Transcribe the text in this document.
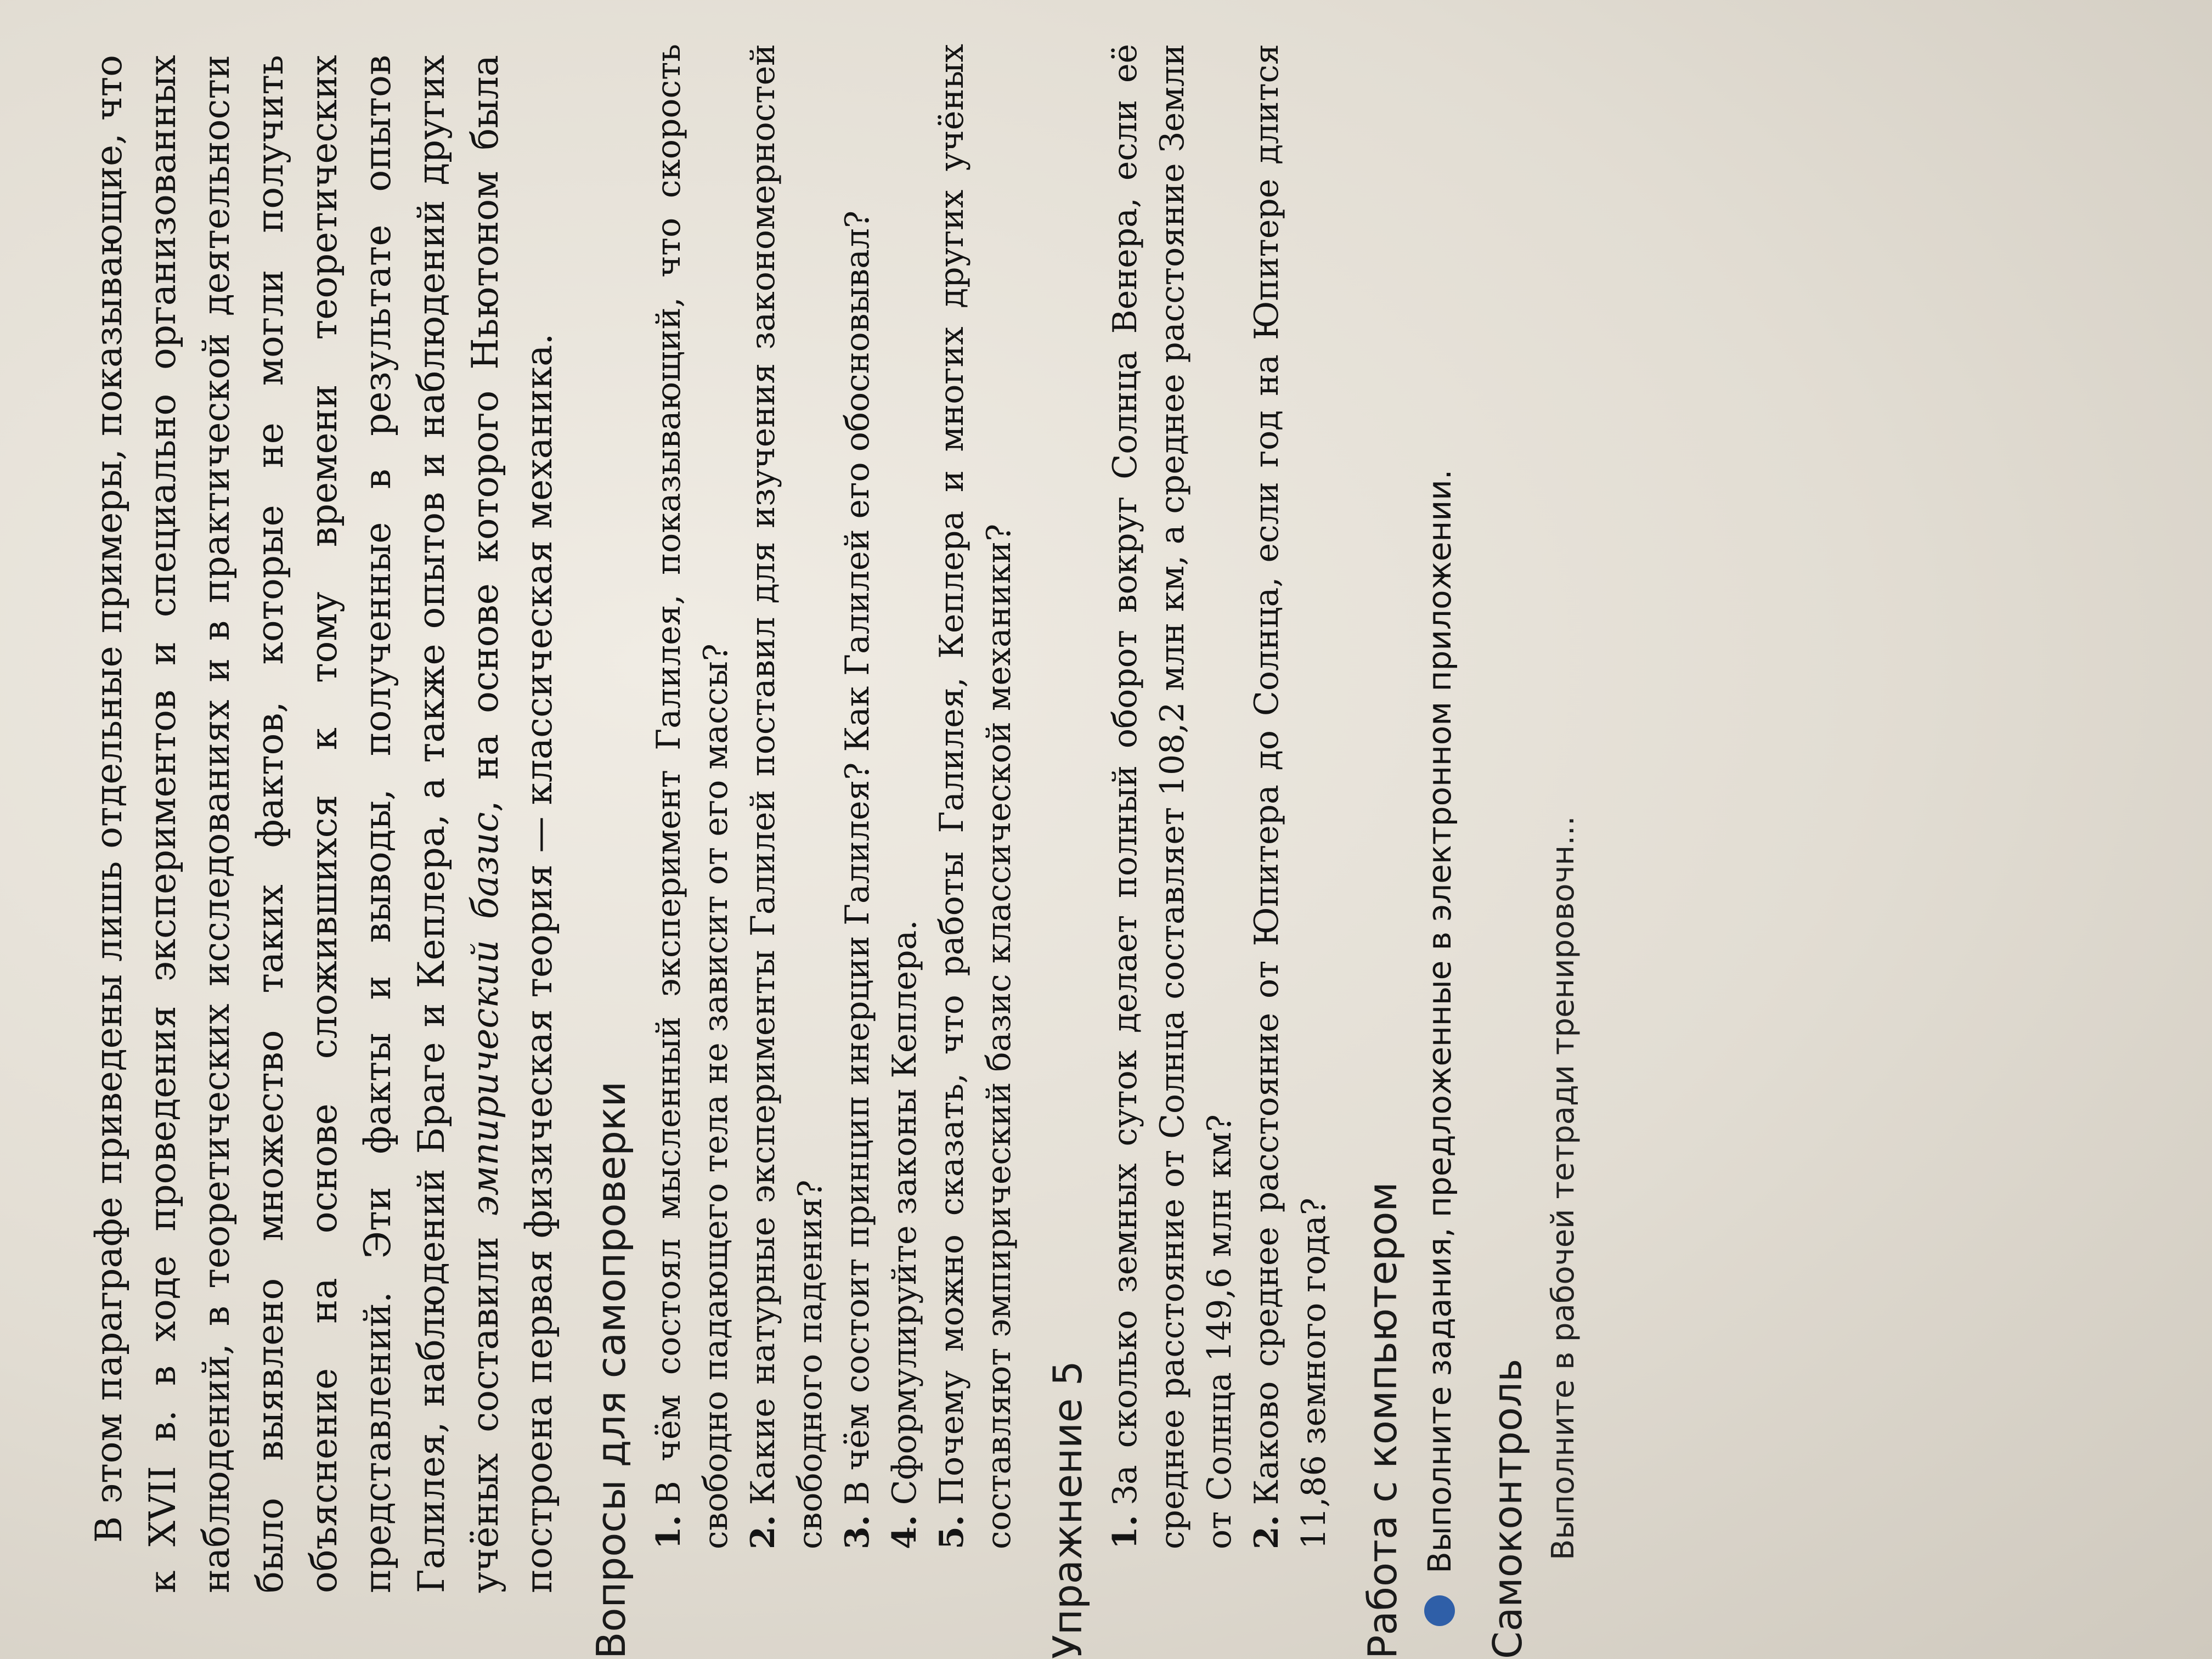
В этом параграфе приведены лишь отдельные примеры, показывающие, что к XVII в. в ходе проведения экспериментов и специально организованных наблюдений, в теоретических исследованиях и в практической деятельности было выявлено множество таких фактов, которые не могли получить объяснение на основе сложившихся к тому времени теоретических представлений. Эти факты и выводы, полученные в результате опытов Галилея, наблюдений Браге и Кеплера, а также опытов и наблюдений других учёных составили эмпирический базис, на основе которого Ньютоном была построена первая физическая теория — классическая механика. Вопросы для самопроверки 1.В чём состоял мысленный эксперимент Галилея, показывающий, что скорость свободно падающего тела не зависит от его массы? 2.Какие натурные эксперименты Галилей поставил для изучения закономерностей свободного падения? 3.В чём состоит принцип инерции Галилея? Как Галилей его обосновывал?
4.Сформулируйте законы Кеплера.
5.Почему можно сказать, что работы Галилея, Кеплера и многих других учёных составляют эмпирический базис классической механики? Упражнение 5 1.За сколько земных суток делает полный оборот вокруг Солнца Венера, если её среднее расстояние от Солнца составляет 108,2 млн км, а среднее расстояние Земли от Солнца 149,6 млн км? 2.Каково среднее расстояние от Юпитера до Солнца, если год на Юпитере длится 11,86 земного года? Работа с компьютером Выполните задания, предложенные в электронном приложении. Самоконтроль Выполните в рабочей тетради тренировочн...
